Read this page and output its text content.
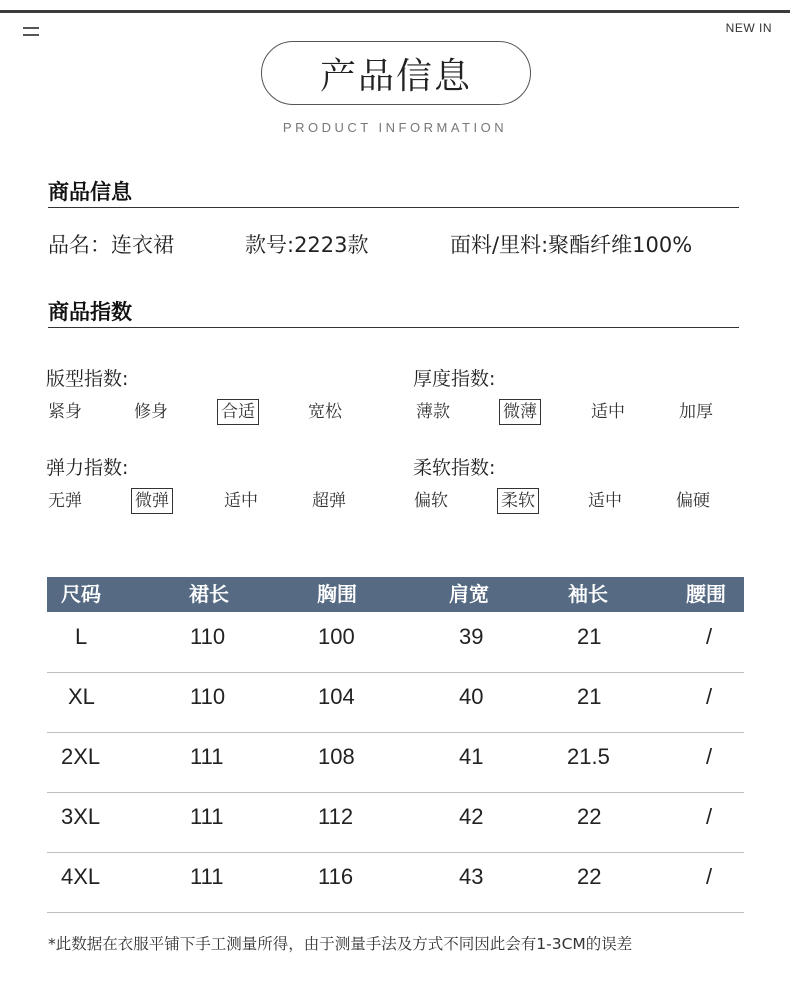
NEW IN
产品信息
PRODUCT INFORMATION
商品信息
品名：连衣裙	款号:2223款	面料/里料:聚酯纤维100%
商品指数
版型指数:
紧身	修身	合适	宽松
厚度指数:
薄款	微薄	适中	加厚
弹力指数:
无弹	微弹	适中	超弹
柔软指数:
偏软	柔软	适中	偏硬
尺码	裙长	胸围	肩宽	袖长	腰围
L	110	100	39	21	/
XL	110	104	40	21	/
2XL	111	108	41	21.5	/
3XL	111	112	42	22	/
4XL	111	116	43	22	/
*此数据在衣服平铺下手工测量所得，由于测量手法及方式不同因此会有1-3CM的误差
